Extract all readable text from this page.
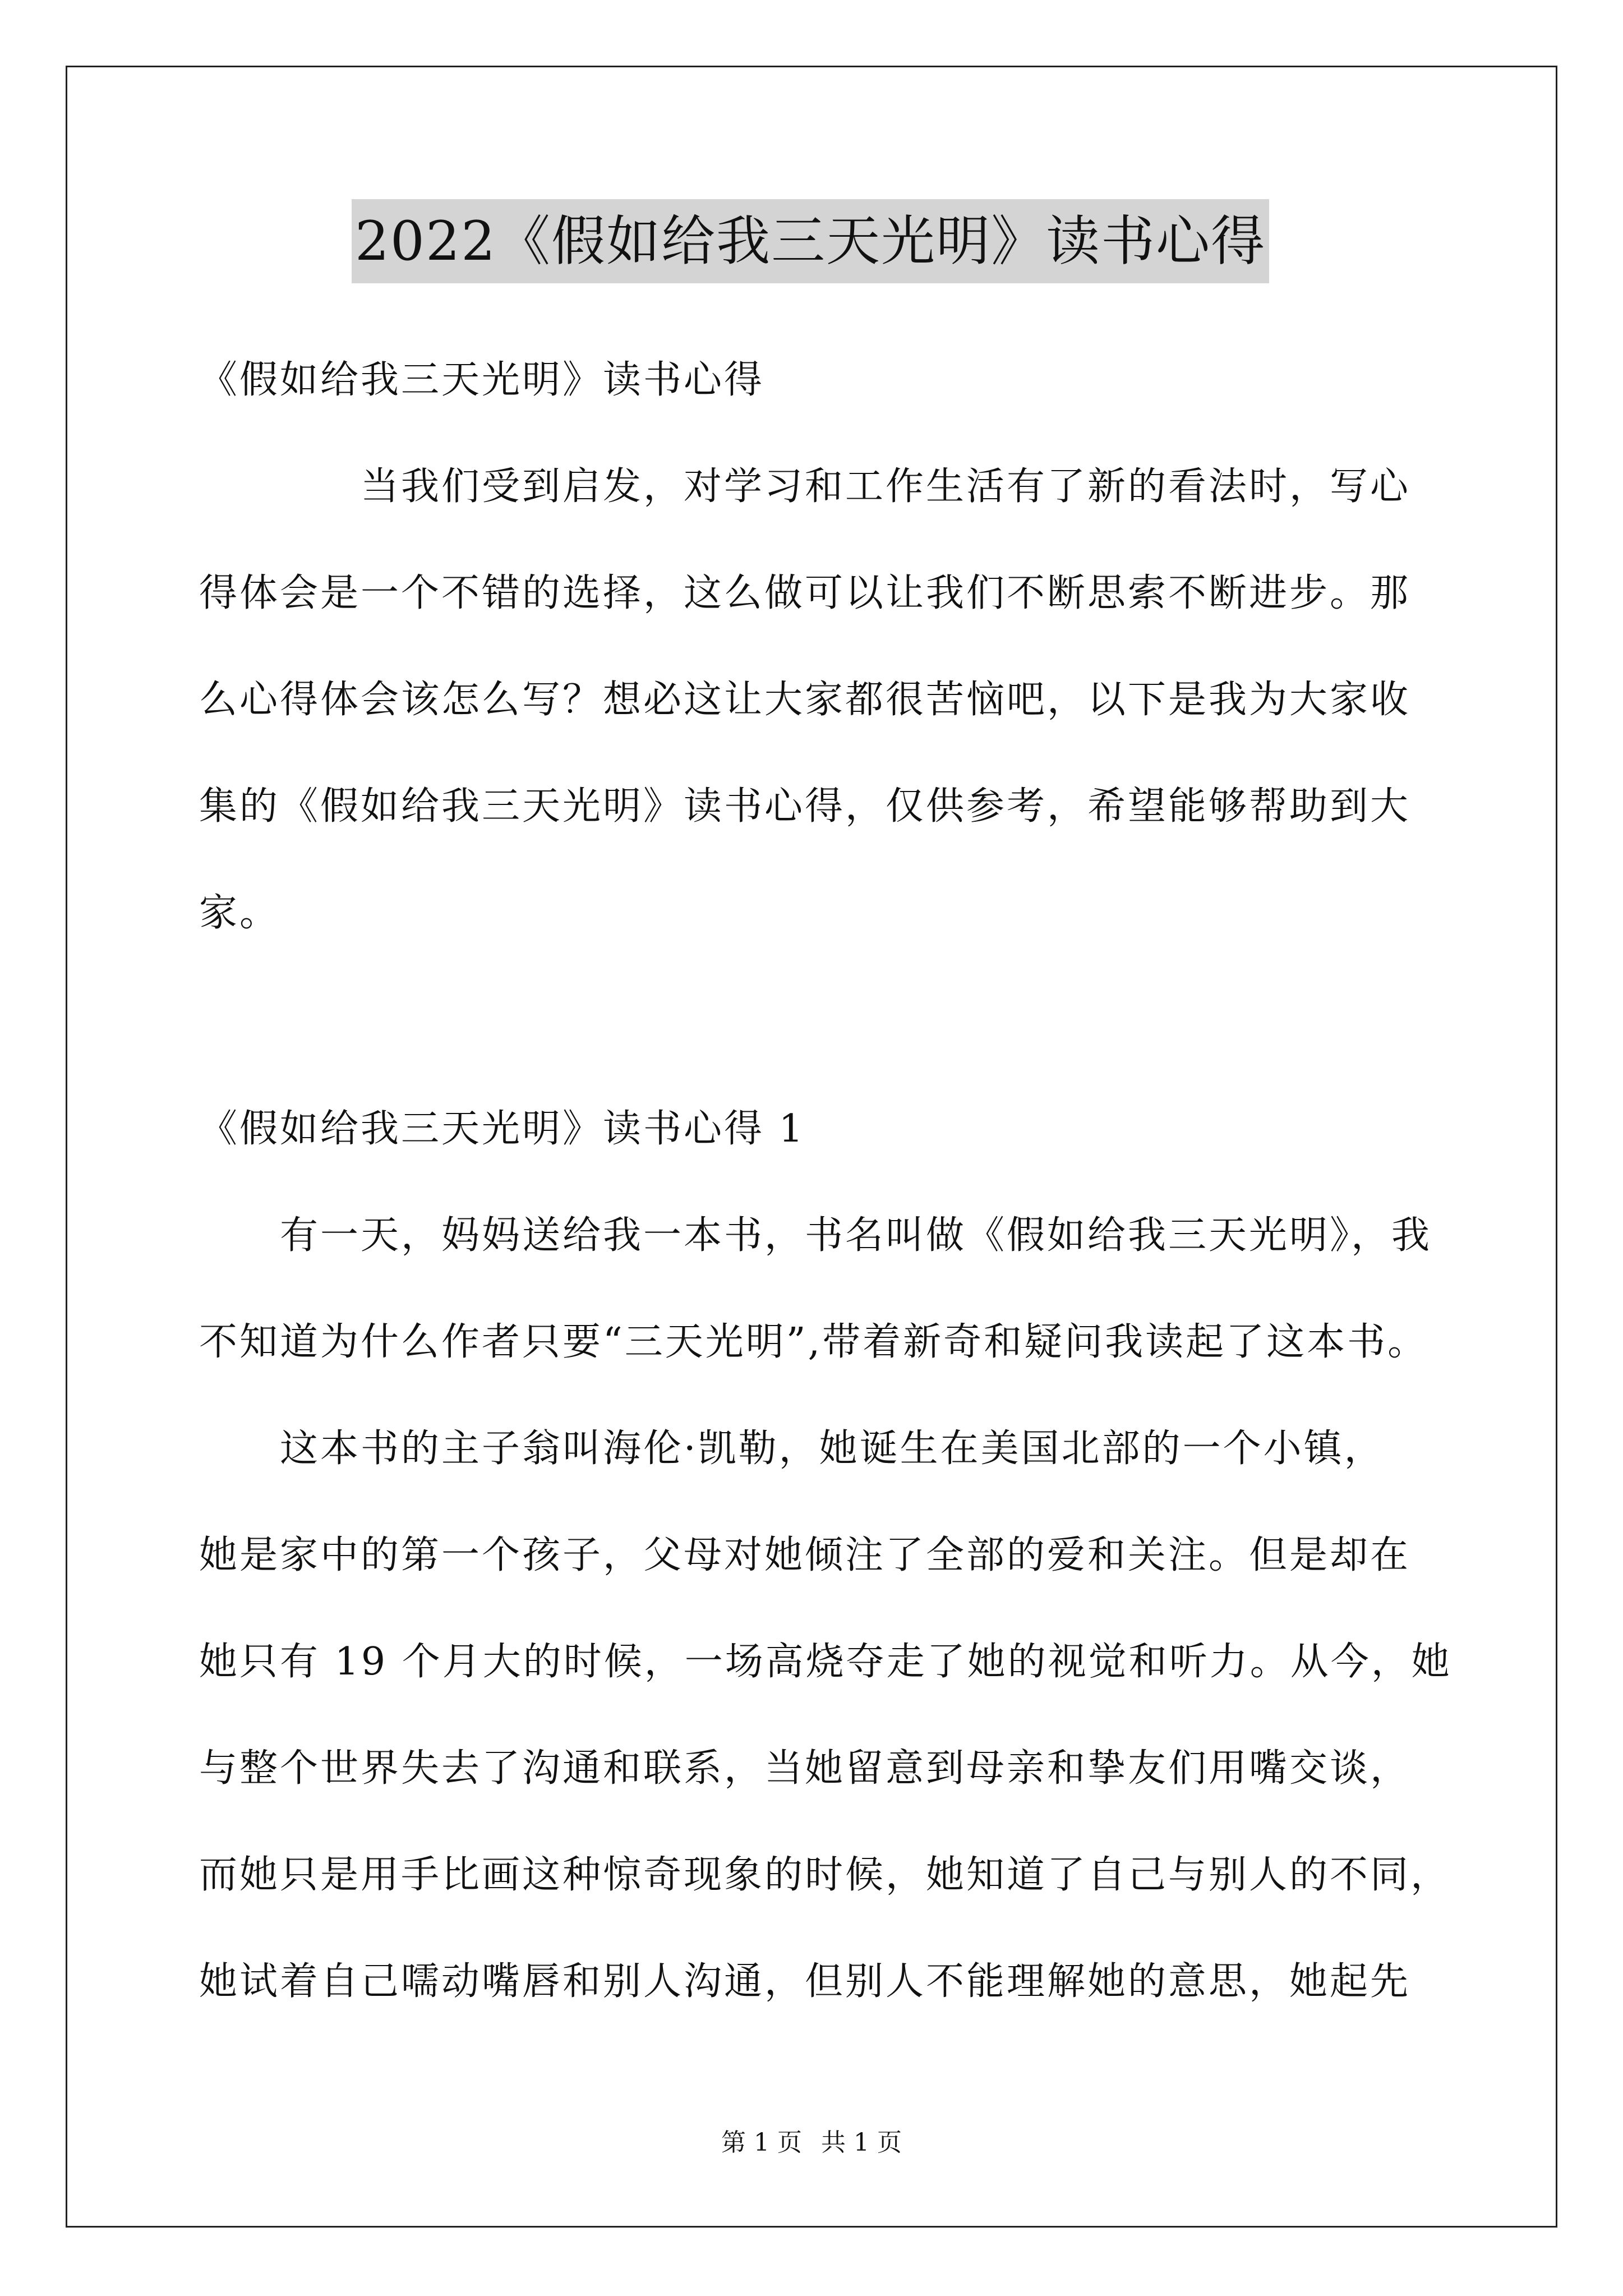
2022《假如给我三天光明》读书心得
《假如给我三天光明》读书心得
　　　　当我们受到启发，对学习和工作生活有了新的看法时，写心
得体会是一个不错的选择，这么做可以让我们不断思索不断进步。那
么心得体会该怎么写？想必这让大家都很苦恼吧，以下是我为大家收
集的《假如给我三天光明》读书心得，仅供参考，希望能够帮助到大
家。
《假如给我三天光明》读书心得 1
　　有一天，妈妈送给我一本书，书名叫做《假如给我三天光明》，我
不知道为什么作者只要“三天光明”,带着新奇和疑问我读起了这本书。
　　这本书的主子翁叫海伦·凯勒，她诞生在美国北部的一个小镇，
她是家中的第一个孩子，父母对她倾注了全部的爱和关注。但是却在
她只有 19 个月大的时候，一场高烧夺走了她的视觉和听力。从今，她
与整个世界失去了沟通和联系，当她留意到母亲和挚友们用嘴交谈，
而她只是用手比画这种惊奇现象的时候，她知道了自己与别人的不同，
她试着自己嚅动嘴唇和别人沟通，但别人不能理解她的意思，她起先
第 1 页 共 1 页
